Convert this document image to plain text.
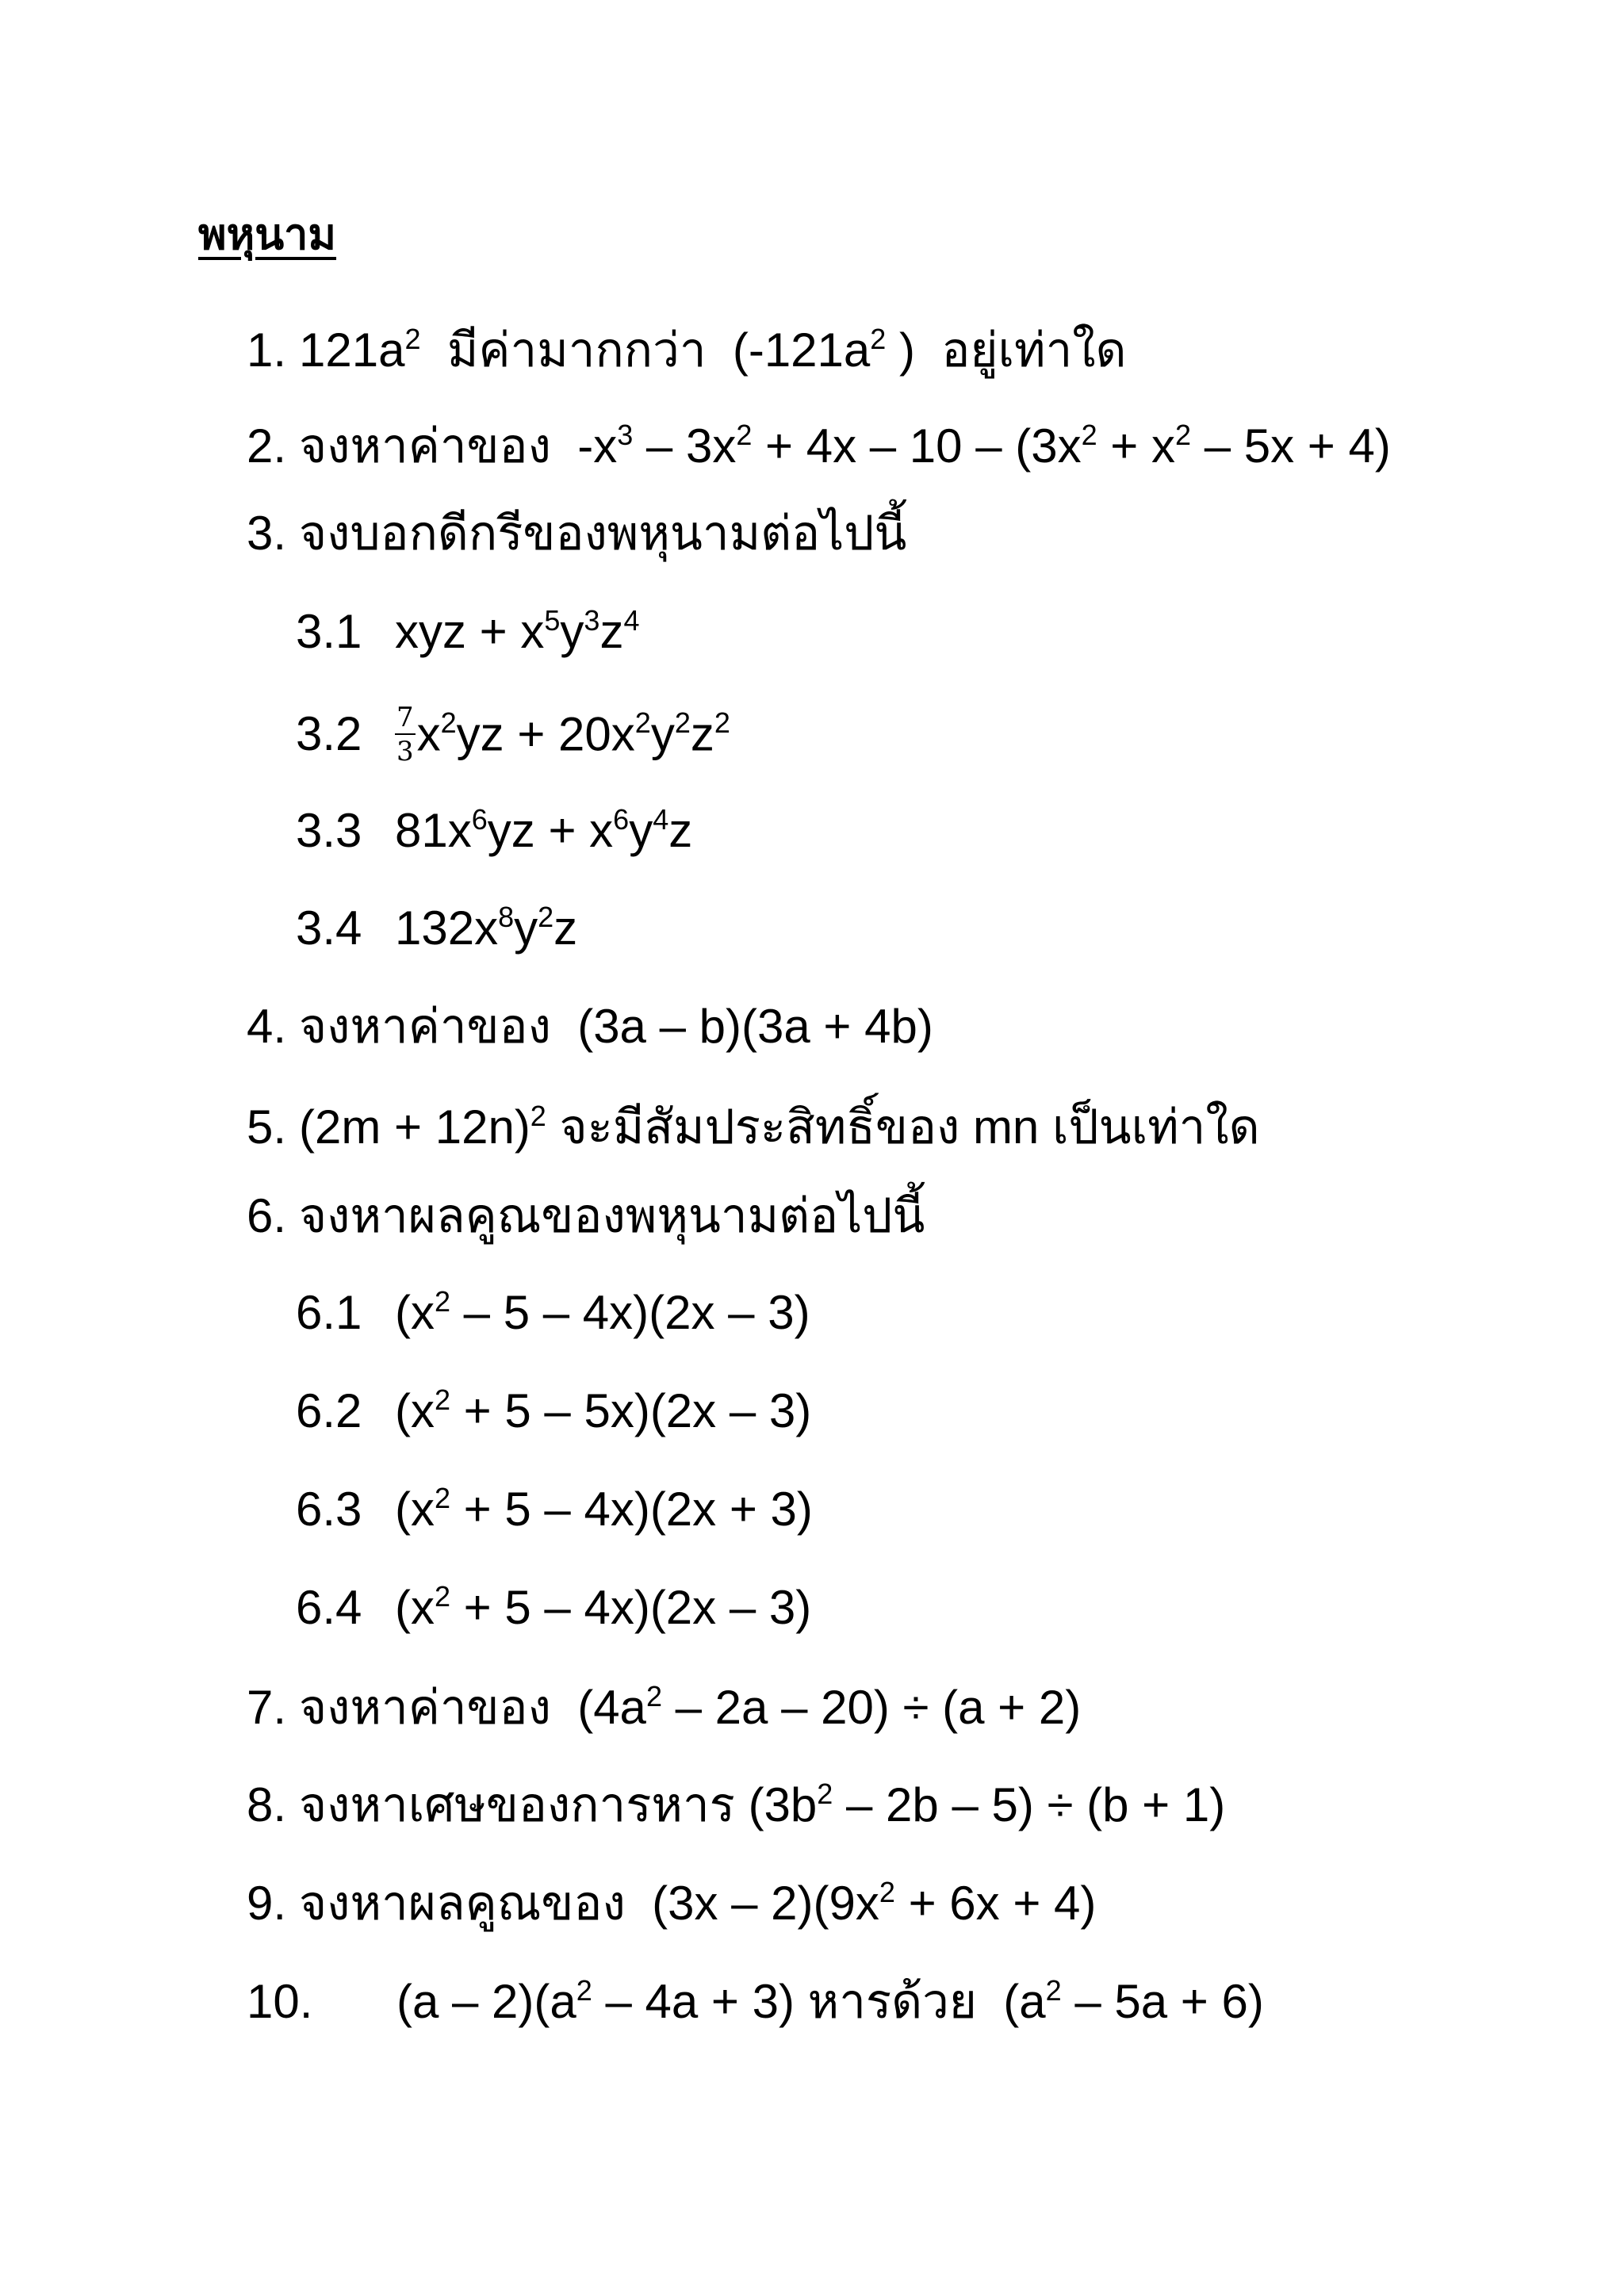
พหุนาม
1. $121a^2$  มีค่ามากกว่า  ($-121a^2$ )  อยู่เท่าใด
2. จงหาค่าของ  $-x^3 - 3x^2 + 4x - 10 - (3x^2 + x^2 - 5x + 4)$
3. จงบอกดีกรีของพหุนามต่อไปนี้
3.1 xyz + $x^5y^3z^4$
$3.2 \frac{7}{3} x^2yz + 20x^2y^2z^2$
3.3 $81x^6yz + x^6y^4z$
3.4 $132x^8y^2z$
4. จงหาค่าของ  (3a – b)(3a + 4b)
5. $(2m + 12n)^2$ จะมีสัมประสิทธิ์ของ mn เป็นเท่าใด
6. จงหาผลคูณของพหุนามต่อไปนี้
6.1 $(x^2 - 5 - 4x)(2x - 3)$
6.2 $(x^2 + 5 - 5x)(2x - 3)$
6.3 $(x^2 + 5 - 4x)(2x + 3)$
6.4 $(x^2 + 5 - 4x)(2x - 3)$
7. จงหาค่าของ  $(4a^2 - 2a - 20) \div (a + 2)$
8. จงหาเศษของการหาร $(3b^2 - 2b - 5) \div (b + 1)$
9. จงหาผลคูณของ  $(3x - 2)(9x^2 + 6x + 4)$
10. $(a - 2)(a^2 - 4a + 3)$ หารด้วย  $(a^2 - 5a + 6)$
